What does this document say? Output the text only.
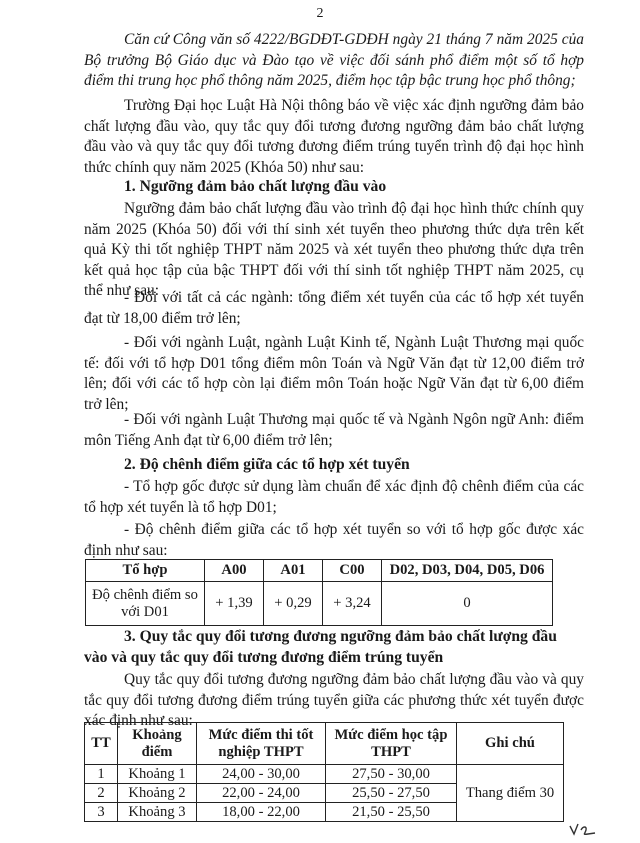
2

Căn cứ Công văn số 4222/BGDĐT-GDĐH ngày 21 tháng 7 năm 2025 của Bộ trưởng Bộ Giáo dục và Đào tạo về việc đối sánh phổ điểm một số tổ hợp điểm thi trung học phổ thông năm 2025, điểm học tập bậc trung học phổ thông;

Trường Đại học Luật Hà Nội thông báo về việc xác định ngưỡng đảm bảo chất lượng đầu vào, quy tắc quy đổi tương đương ngưỡng đảm bảo chất lượng đầu vào và quy tắc quy đổi tương đương điểm trúng tuyển trình độ đại học hình thức chính quy năm 2025 (Khóa 50) như sau:

1. Ngưỡng đảm bảo chất lượng đầu vào

Ngưỡng đảm bảo chất lượng đầu vào trình độ đại học hình thức chính quy năm 2025 (Khóa 50) đối với thí sinh xét tuyển theo phương thức dựa trên kết quả Kỳ thi tốt nghiệp THPT năm 2025 và xét tuyển theo phương thức dựa trên kết quả học tập của bậc THPT đối với thí sinh tốt nghiệp THPT năm 2025, cụ thể như sau:

- Đối với tất cả các ngành: tổng điểm xét tuyển của các tổ hợp xét tuyển đạt từ 18,00 điểm trở lên;

- Đối với ngành Luật, ngành Luật Kinh tế, Ngành Luật Thương mại quốc tế: đối với tổ hợp D01 tổng điểm môn Toán và Ngữ Văn đạt từ 12,00 điểm trở lên; đối với các tổ hợp còn lại điểm môn Toán hoặc Ngữ Văn đạt từ 6,00 điểm trở lên;

- Đối với ngành Luật Thương mại quốc tế và Ngành Ngôn ngữ Anh: điểm môn Tiếng Anh đạt từ 6,00 điểm trở lên;

2. Độ chênh điểm giữa các tổ hợp xét tuyển

- Tổ hợp gốc được sử dụng làm chuẩn để xác định độ chênh điểm của các tổ hợp xét tuyển là tổ hợp D01;

- Độ chênh điểm giữa các tổ hợp xét tuyển so với tổ hợp gốc được xác định như sau:

Tổ hợp	A00	A01	C00	D02, D03, D04, D05, D06
Độ chênh điểm so với D01	+ 1,39	+ 0,29	+ 3,24	0

3. Quy tắc quy đổi tương đương ngưỡng đảm bảo chất lượng đầu vào và quy tắc quy đổi tương đương điểm trúng tuyển

Quy tắc quy đổi tương đương ngưỡng đảm bảo chất lượng đầu vào và quy tắc quy đổi tương đương điểm trúng tuyển giữa các phương thức xét tuyển được xác định như sau:

TT	Khoảng điểm	Mức điểm thi tốt nghiệp THPT	Mức điểm học tập THPT	Ghi chú
1	Khoảng 1	24,00 - 30,00	27,50 - 30,00	Thang điểm 30
2	Khoảng 2	22,00 - 24,00	25,50 - 27,50	
3	Khoảng 3	18,00 - 22,00	21,50 - 25,50	
